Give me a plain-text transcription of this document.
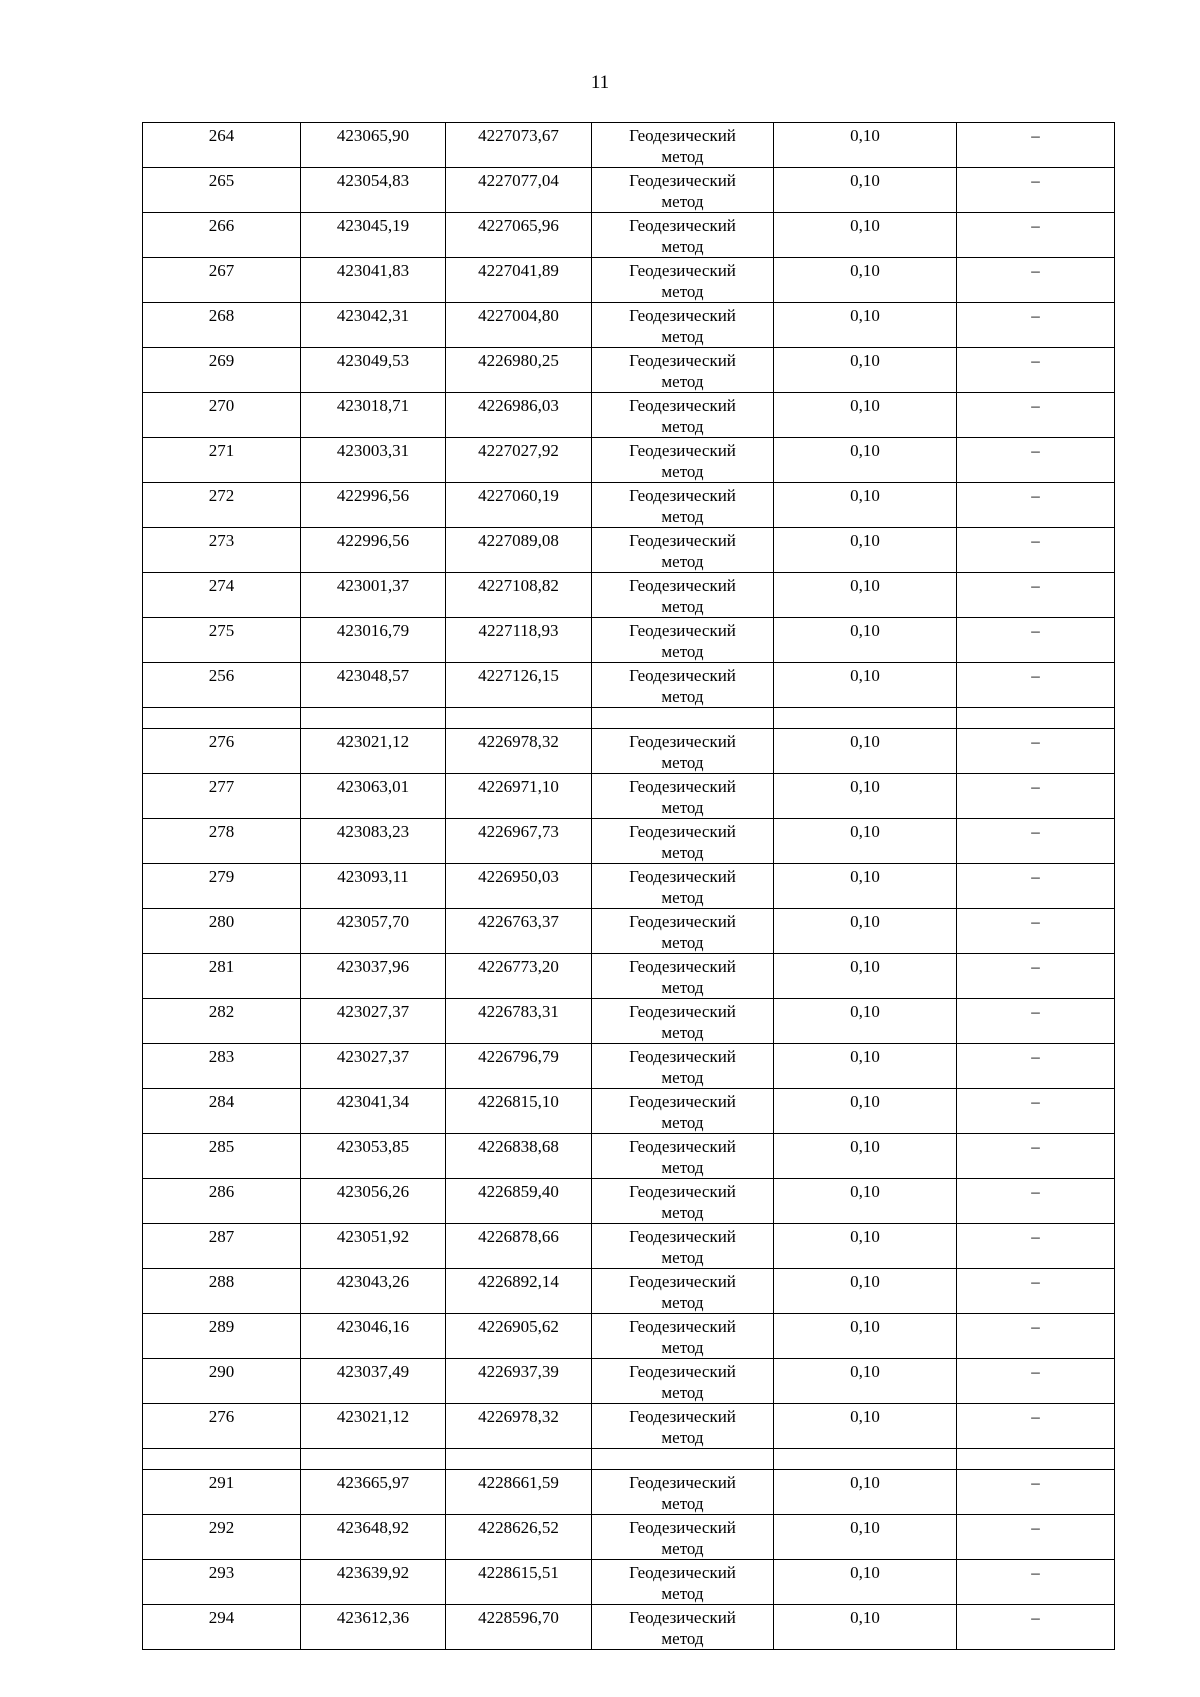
11
264	423065,90	4227073,67	Геодезический
метод	0,10	–

265	423054,83	4227077,04	Геодезический
метод	0,10	–

266	423045,19	4227065,96	Геодезический
метод	0,10	–

267	423041,83	4227041,89	Геодезический
метод	0,10	–

268	423042,31	4227004,80	Геодезический
метод	0,10	–

269	423049,53	4226980,25	Геодезический
метод	0,10	–

270	423018,71	4226986,03	Геодезический
метод	0,10	–

271	423003,31	4227027,92	Геодезический
метод	0,10	–

272	422996,56	4227060,19	Геодезический
метод	0,10	–

273	422996,56	4227089,08	Геодезический
метод	0,10	–

274	423001,37	4227108,82	Геодезический
метод	0,10	–

275	423016,79	4227118,93	Геодезический
метод	0,10	–

256	423048,57	4227126,15	Геодезический
метод	0,10	–

276	423021,12	4226978,32	Геодезический
метод	0,10	–

277	423063,01	4226971,10	Геодезический
метод	0,10	–

278	423083,23	4226967,73	Геодезический
метод	0,10	–

279	423093,11	4226950,03	Геодезический
метод	0,10	–

280	423057,70	4226763,37	Геодезический
метод	0,10	–

281	423037,96	4226773,20	Геодезический
метод	0,10	–

282	423027,37	4226783,31	Геодезический
метод	0,10	–

283	423027,37	4226796,79	Геодезический
метод	0,10	–

284	423041,34	4226815,10	Геодезический
метод	0,10	–

285	423053,85	4226838,68	Геодезический
метод	0,10	–

286	423056,26	4226859,40	Геодезический
метод	0,10	–

287	423051,92	4226878,66	Геодезический
метод	0,10	–

288	423043,26	4226892,14	Геодезический
метод	0,10	–

289	423046,16	4226905,62	Геодезический
метод	0,10	–

290	423037,49	4226937,39	Геодезический
метод	0,10	–

276	423021,12	4226978,32	Геодезический
метод	0,10	–

291	423665,97	4228661,59	Геодезический
метод	0,10	–

292	423648,92	4228626,52	Геодезический
метод	0,10	–

293	423639,92	4228615,51	Геодезический
метод	0,10	–

294	423612,36	4228596,70	Геодезический
метод	0,10	–
